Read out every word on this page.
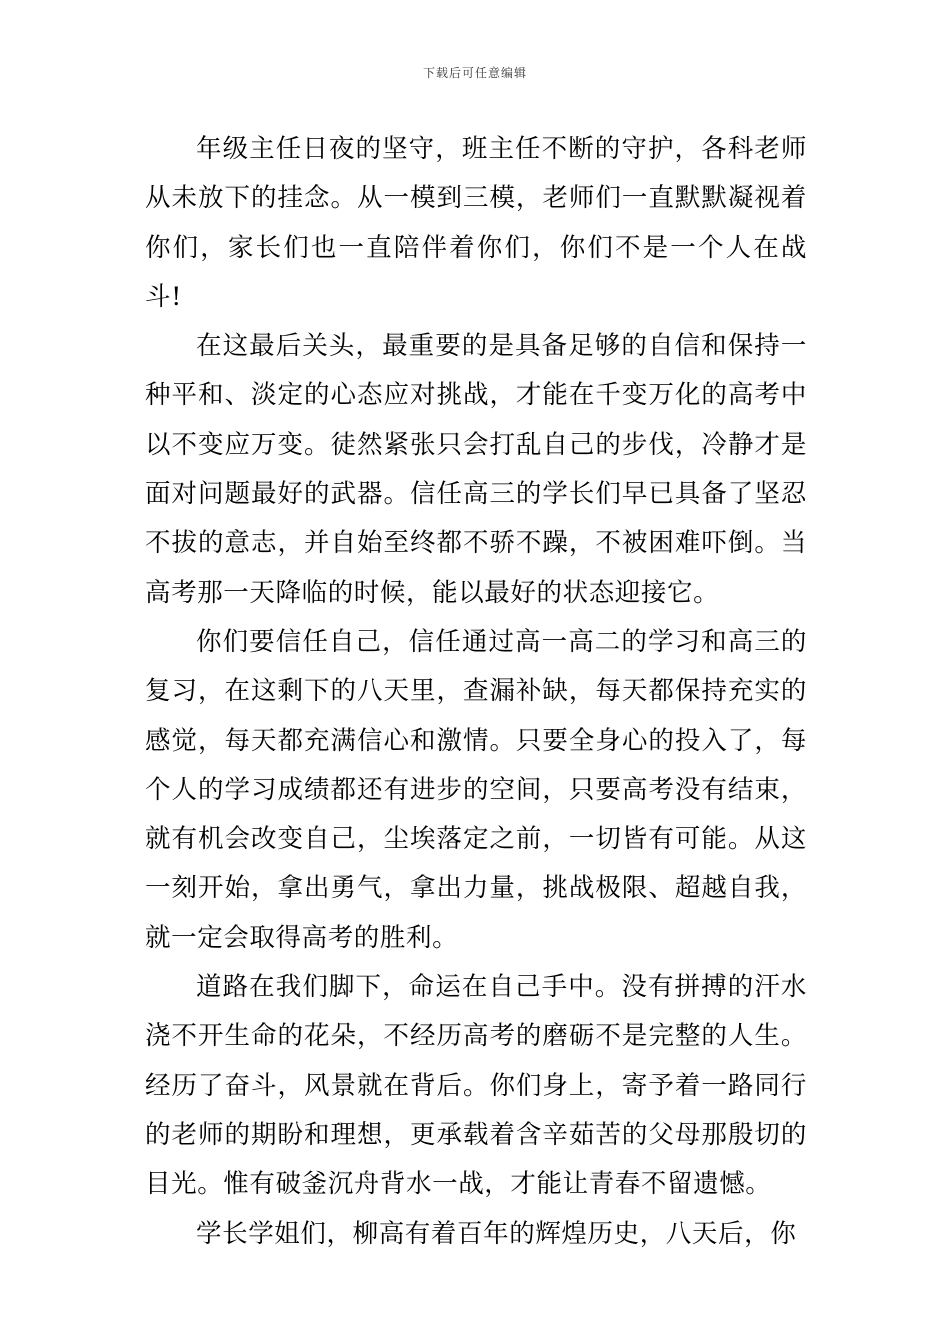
下载后可任意编辑

年级主任日夜的坚守，班主任不断的守护，各科老师从未放下的挂念。从一模到三模，老师们一直默默凝视着你们，家长们也一直陪伴着你们，你们不是一个人在战斗!

在这最后关头，最重要的是具备足够的自信和保持一种平和、淡定的心态应对挑战，才能在千变万化的高考中以不变应万变。徒然紧张只会打乱自己的步伐，冷静才是面对问题最好的武器。信任高三的学长们早已具备了坚忍不拔的意志，并自始至终都不骄不躁，不被困难吓倒。当高考那一天降临的时候，能以最好的状态迎接它。

你们要信任自己，信任通过高一高二的学习和高三的复习，在这剩下的八天里，查漏补缺，每天都保持充实的感觉，每天都充满信心和激情。只要全身心的投入了，每个人的学习成绩都还有进步的空间，只要高考没有结束，就有机会改变自己，尘埃落定之前，一切皆有可能。从这一刻开始，拿出勇气，拿出力量，挑战极限、超越自我，就一定会取得高考的胜利。

道路在我们脚下，命运在自己手中。没有拼搏的汗水浇不开生命的花朵，不经历高考的磨砺不是完整的人生。经历了奋斗，风景就在背后。你们身上，寄予着一路同行的老师的期盼和理想，更承载着含辛茹苦的父母那殷切的目光。惟有破釜沉舟背水一战，才能让青春不留遗憾。

学长学姐们，柳高有着百年的辉煌历史，八天后，你
